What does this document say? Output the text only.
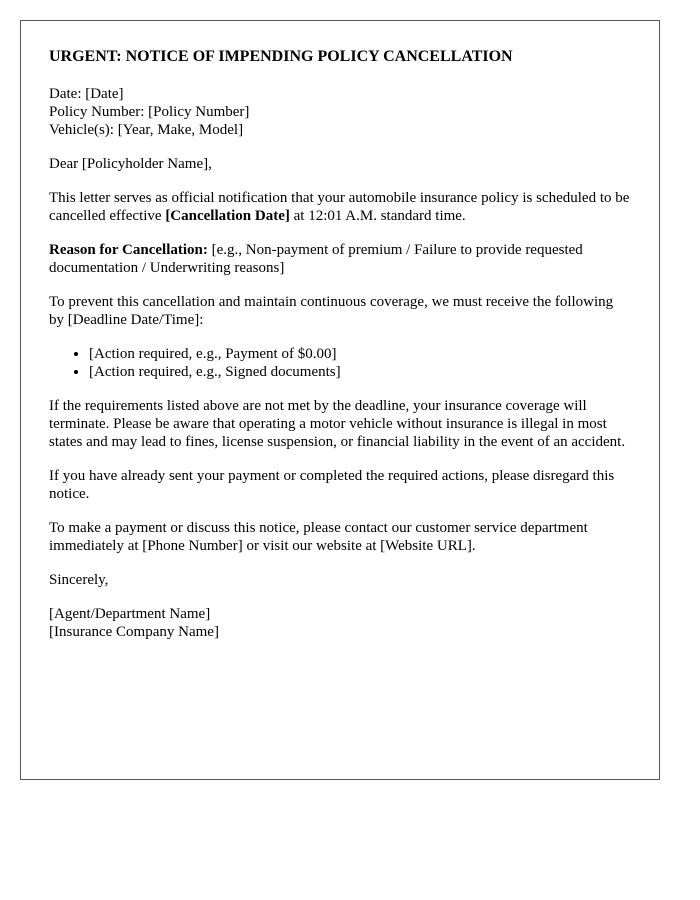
URGENT: NOTICE OF IMPENDING POLICY CANCELLATION
Date: [Date]
Policy Number: [Policy Number]
Vehicle(s): [Year, Make, Model]

Dear [Policyholder Name],

This letter serves as official notification that your automobile insurance policy is scheduled to be cancelled effective [Cancellation Date] at 12:01 A.M. standard time.

Reason for Cancellation: [e.g., Non-payment of premium / Failure to provide requested documentation / Underwriting reasons]

To prevent this cancellation and maintain continuous coverage, we must receive the following by [Deadline Date/Time]:

• [Action required, e.g., Payment of $0.00]
• [Action required, e.g., Signed documents]

If the requirements listed above are not met by the deadline, your insurance coverage will terminate. Please be aware that operating a motor vehicle without insurance is illegal in most states and may lead to fines, license suspension, or financial liability in the event of an accident.

If you have already sent your payment or completed the required actions, please disregard this notice.

To make a payment or discuss this notice, please contact our customer service department immediately at [Phone Number] or visit our website at [Website URL].

Sincerely,

[Agent/Department Name]
[Insurance Company Name]
